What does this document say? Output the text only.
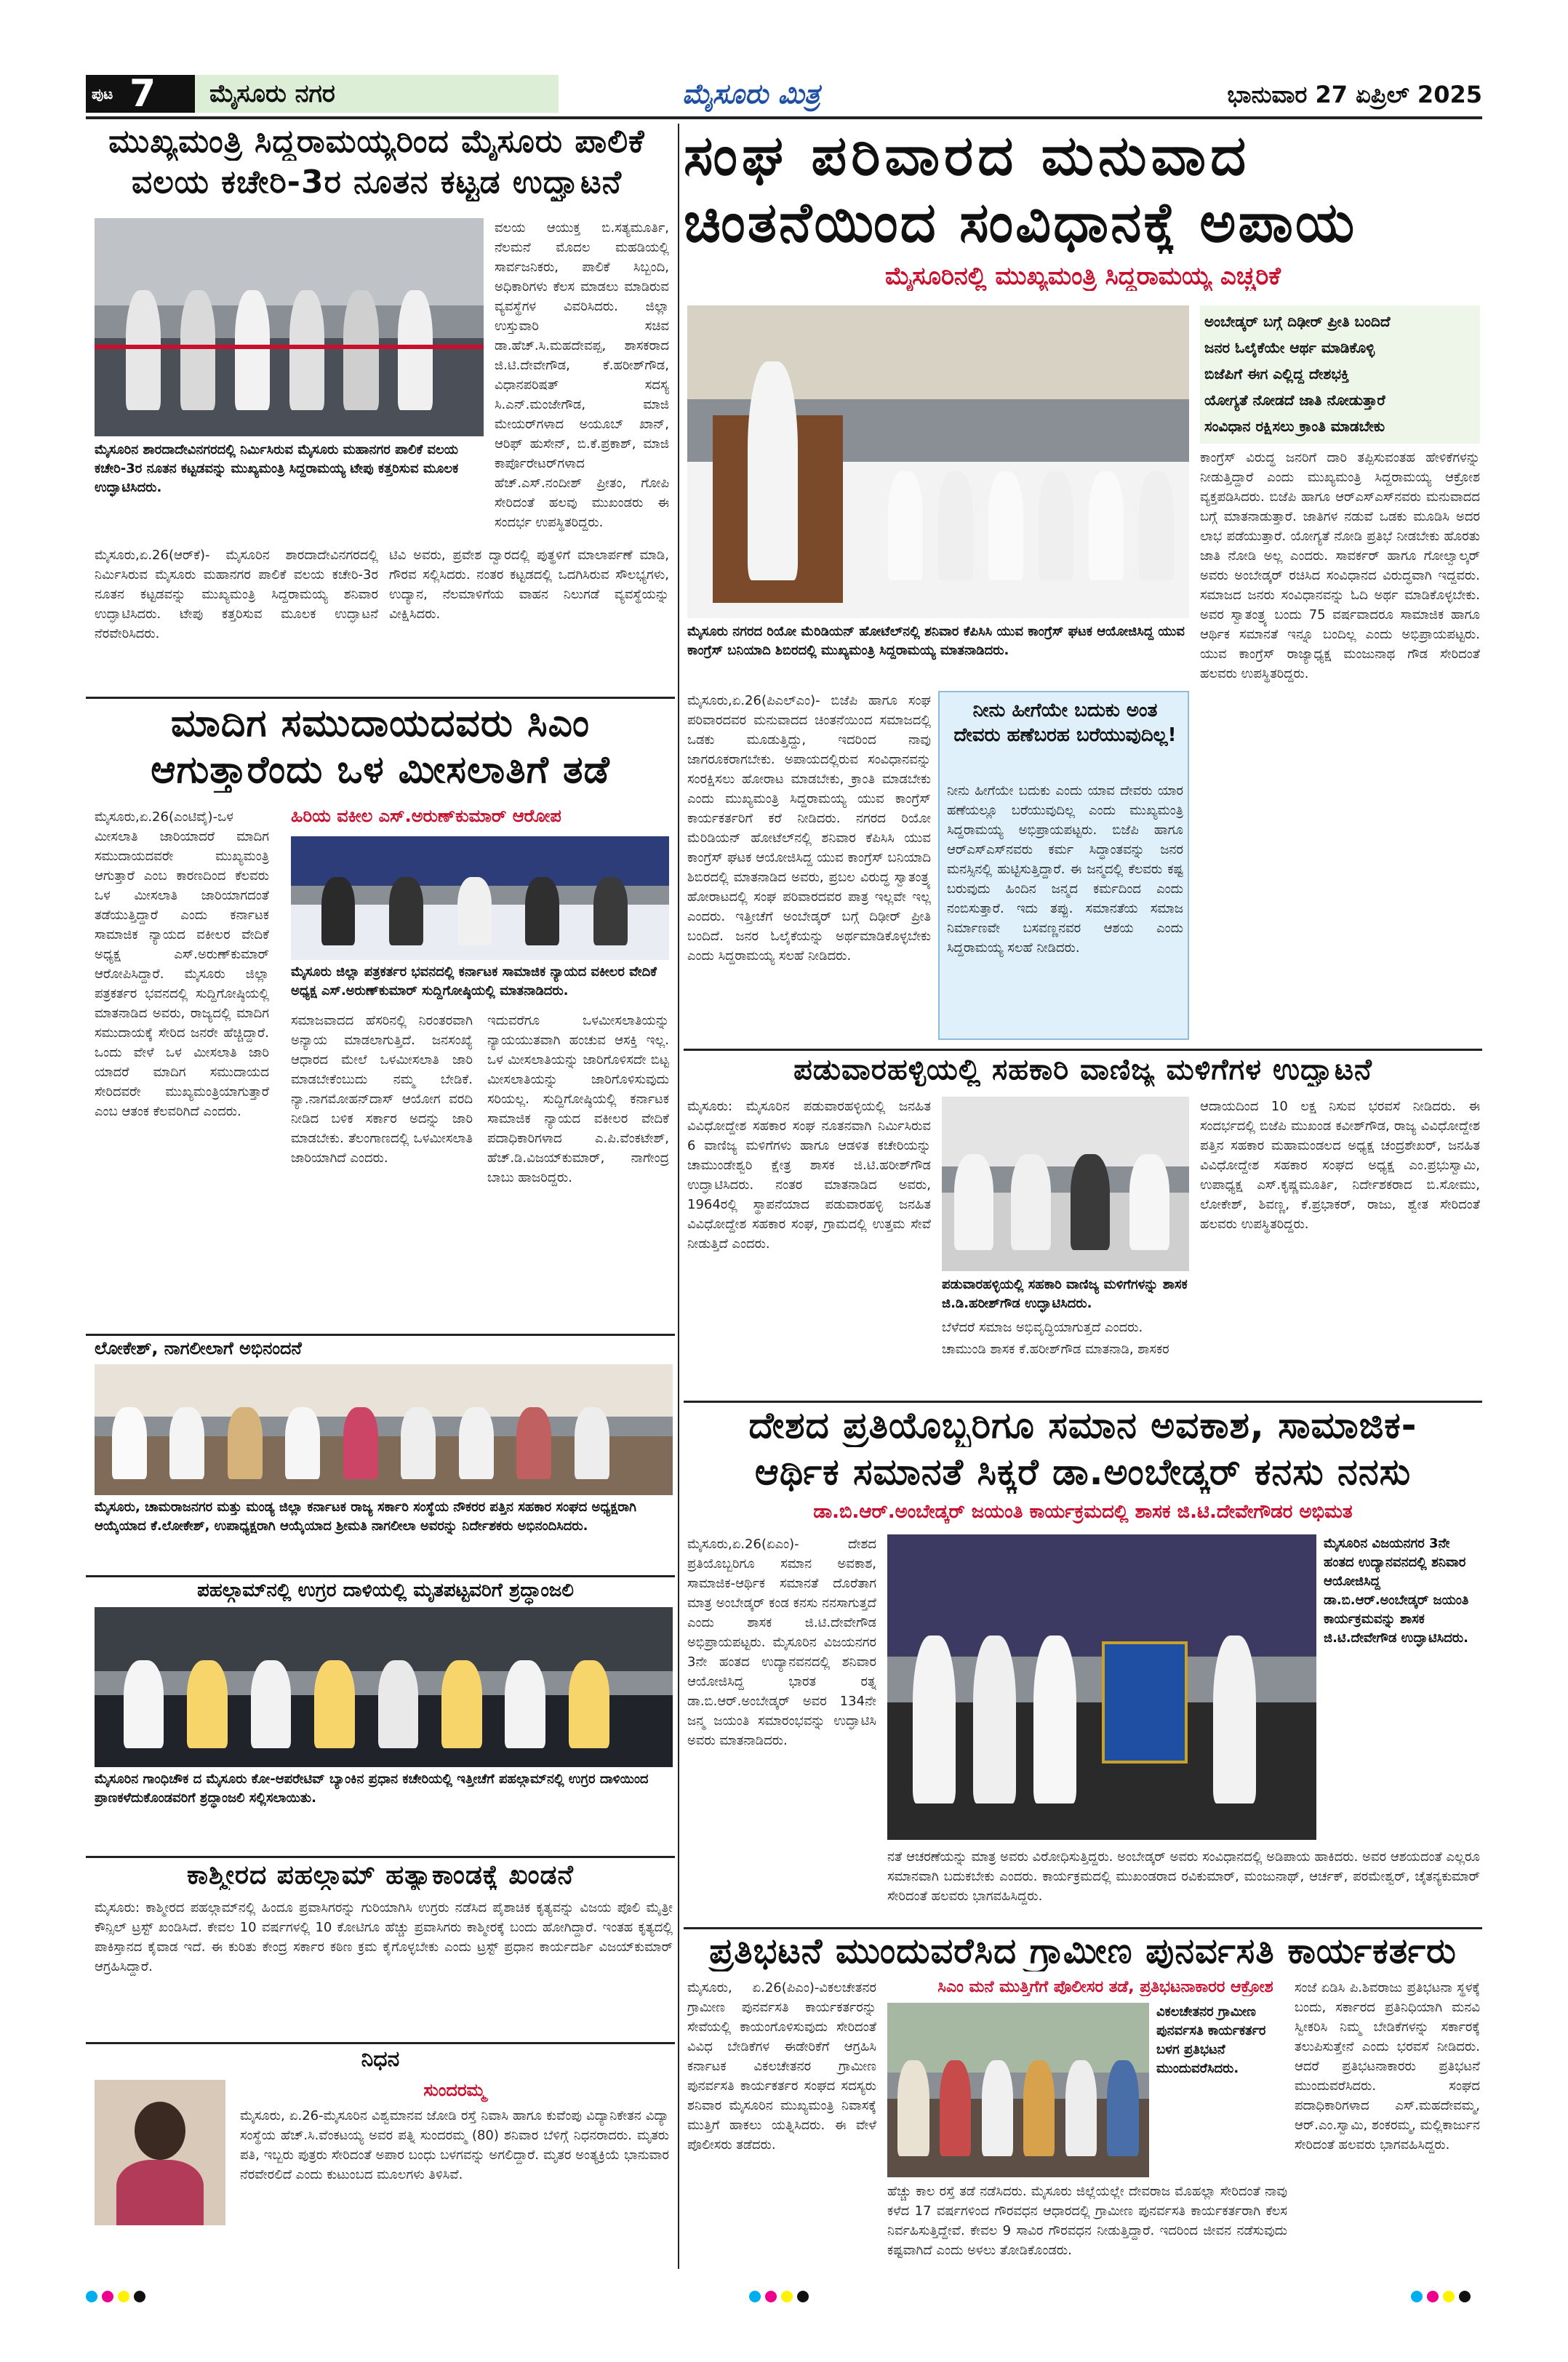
ಪುಟ 7 ಮೈಸೂರು ನಗರ	ಮೈಸೂರು ಮಿತ್ರ	ಭಾನುವಾರ 27 ಏಪ್ರಿಲ್ 2025
ಮುಖ್ಯಮಂತ್ರಿ ಸಿದ್ದರಾಮಯ್ಯರಿಂದ ಮೈಸೂರು ಪಾಲಿಕೆ
ವಲಯ ಕಚೇರಿ-3ರ ನೂತನ ಕಟ್ಟಡ ಉದ್ಘಾಟನೆ
ಮೈಸೂರಿನ ಶಾರದಾದೇವಿನಗರದಲ್ಲಿ ನಿರ್ಮಿಸಿರುವ ಮೈಸೂರು ಮಹಾನಗರ ಪಾಲಿಕೆ ವಲಯ ಕಚೇರಿ-3ರ ನೂತನ ಕಟ್ಟಡವನ್ನು ಮುಖ್ಯಮಂತ್ರಿ ಸಿದ್ದರಾಮಯ್ಯ ಟೇಪು ಕತ್ತರಿಸುವ ಮೂಲಕ ಉದ್ಘಾಟಿಸಿದರು.
ವಲಯ ಆಯುಕ್ತ ಬಿ.ಸತ್ಯಮೂರ್ತಿ, ನೆಲಮನೆ ಮೊದಲ ಮಹಡಿಯಲ್ಲಿ ಸಾರ್ವಜನಿಕರು, ಪಾಲಿಕೆ ಸಿಬ್ಬಂದಿ, ಅಧಿಕಾರಿಗಳು ಕೆಲಸ ಮಾಡಲು ಮಾಡಿರುವ ವ್ಯವಸ್ಥೆಗಳ ವಿವರಿಸಿದರು. ಜಿಲ್ಲಾ ಉಸ್ತುವಾರಿ ಸಚಿವ ಡಾ.ಹೆಚ್.ಸಿ.ಮಹದೇವಪ್ಪ, ಶಾಸಕರಾದ ಜಿ.ಟಿ.ದೇವೇಗೌಡ, ಕೆ.ಹರೀಶ್‌ಗೌಡ, ವಿಧಾನಪರಿಷತ್ ಸದಸ್ಯ ಸಿ.ಎನ್.ಮಂಜೇಗೌಡ, ಮಾಜಿ ಮೇಯರ್‌ಗಳಾದ ಅಯೂಬ್ ಖಾನ್, ಆರಿಫ್ ಹುಸೇನ್, ಬಿ.ಕೆ.ಪ್ರಕಾಶ್, ಮಾಜಿ ಕಾರ್ಪೊರೇಟರ್‌ಗಳಾದ ಹೆಚ್.ಎಸ್.ನಂದೀಶ್ ಪ್ರೀತಂ, ಗೋಪಿ ಸೇರಿದಂತೆ ಹಲವು ಮುಖಂಡರು ಈ ಸಂದರ್ಭ ಉಪಸ್ಥಿತರಿದ್ದರು.
ಮೈಸೂರು,ಏ.26(ಆರ್‌ಕೆ)- ಮೈಸೂರಿನ ಶಾರದಾದೇವಿನಗರದಲ್ಲಿ ನಿರ್ಮಿಸಿರುವ ಮೈಸೂರು ಮಹಾನಗರ ಪಾಲಿಕೆ ವಲಯ ಕಚೇರಿ-3ರ ನೂತನ ಕಟ್ಟಡವನ್ನು ಮುಖ್ಯಮಂತ್ರಿ ಸಿದ್ದರಾಮಯ್ಯ ಶನಿವಾರ ಉದ್ಘಾಟಿಸಿದರು. ಟೇಪು ಕತ್ತರಿಸುವ ಮೂಲಕ ಉದ್ಘಾಟನೆ ನೆರವೇರಿಸಿದರು.
ಟಿವಿ ಅವರು, ಪ್ರವೇಶ ದ್ವಾರದಲ್ಲಿ ಪುತ್ಥಳಿಗೆ ಮಾಲಾರ್ಪಣೆ ಮಾಡಿ, ಗೌರವ ಸಲ್ಲಿಸಿದರು. ನಂತರ ಕಟ್ಟಡದಲ್ಲಿ ಒದಗಿಸಿರುವ ಸೌಲಭ್ಯಗಳು, ಉದ್ಯಾನ, ನೆಲಮಾಳಿಗೆಯ ವಾಹನ ನಿಲುಗಡೆ ವ್ಯವಸ್ಥೆಯನ್ನು ವೀಕ್ಷಿಸಿದರು.
ಮಾದಿಗ ಸಮುದಾಯದವರು ಸಿಎಂ
ಆಗುತ್ತಾರೆಂದು ಒಳ ಮೀಸಲಾತಿಗೆ ತಡೆ
ಮೈಸೂರು,ಏ.26(ಎಂಟಿವೈ)-ಒಳ ಮೀಸಲಾತಿ ಜಾರಿಯಾದರೆ ಮಾದಿಗ ಸಮುದಾಯದವರೇ ಮುಖ್ಯಮಂತ್ರಿ ಆಗುತ್ತಾರೆ ಎಂಬ ಕಾರಣದಿಂದ ಕೆಲವರು ಒಳ ಮೀಸಲಾತಿ ಜಾರಿಯಾಗದಂತೆ ತಡೆಯುತ್ತಿದ್ದಾರೆ ಎಂದು ಕರ್ನಾಟಕ ಸಾಮಾಜಿಕ ನ್ಯಾಯದ ವಕೀಲರ ವೇದಿಕೆ ಅಧ್ಯಕ್ಷ ಎಸ್.ಅರುಣ್‌ಕುಮಾರ್ ಆರೋಪಿಸಿದ್ದಾರೆ. ಮೈಸೂರು ಜಿಲ್ಲಾ ಪತ್ರಕರ್ತರ ಭವನದಲ್ಲಿ ಸುದ್ದಿಗೋಷ್ಠಿಯಲ್ಲಿ ಮಾತನಾಡಿದ ಅವರು, ರಾಜ್ಯದಲ್ಲಿ ಮಾದಿಗ ಸಮುದಾಯಕ್ಕೆ ಸೇರಿದ ಜನರೇ ಹೆಚ್ಚಿದ್ದಾರೆ. ಒಂದು ವೇಳೆ ಒಳ ಮೀಸಲಾತಿ ಜಾರಿ ಯಾದರೆ ಮಾದಿಗ ಸಮುದಾಯದ ಸೇರಿದವರೇ ಮುಖ್ಯಮಂತ್ರಿಯಾಗುತ್ತಾರೆ ಎಂಬ ಆತಂಕ ಕೆಲವರಿಗಿದೆ ಎಂದರು.
ಹಿರಿಯ ವಕೀಲ ಎಸ್.ಅರುಣ್‌ಕುಮಾರ್ ಆರೋಪ
ಮೈಸೂರು ಜಿಲ್ಲಾ ಪತ್ರಕರ್ತರ ಭವನದಲ್ಲಿ ಕರ್ನಾಟಕ ಸಾಮಾಜಿಕ ನ್ಯಾಯದ ವಕೀಲರ ವೇದಿಕೆ ಅಧ್ಯಕ್ಷ ಎಸ್.ಅರುಣ್‌ಕುಮಾರ್ ಸುದ್ದಿಗೋಷ್ಠಿಯಲ್ಲಿ ಮಾತನಾಡಿದರು.
ಸಮಾಜವಾದದ ಹೆಸರಿನಲ್ಲಿ ನಿರಂತರವಾಗಿ ಅನ್ಯಾಯ ಮಾಡಲಾಗುತ್ತಿದೆ. ಜನಸಂಖ್ಯೆ ಆಧಾರದ ಮೇಲೆ ಒಳಮೀಸಲಾತಿ ಜಾರಿ ಮಾಡಬೇಕೆಂಬುದು ನಮ್ಮ ಬೇಡಿಕೆ. ನ್ಯಾ.ನಾಗಮೋಹನ್‌ದಾಸ್ ಆಯೋಗ ವರದಿ ನೀಡಿದ ಬಳಿಕ ಸರ್ಕಾರ ಅದನ್ನು ಜಾರಿ ಮಾಡಬೇಕು. ತೆಲಂಗಾಣದಲ್ಲಿ ಒಳಮೀಸಲಾತಿ ಜಾರಿಯಾಗಿದೆ ಎಂದರು.
ಇದುವರೆಗೂ ಒಳಮೀಸಲಾತಿಯನ್ನು ನ್ಯಾಯಯುತವಾಗಿ ಹಂಚುವ ಆಸಕ್ತಿ ಇಲ್ಲ. ಒಳ ಮೀಸಲಾತಿಯನ್ನು ಜಾರಿಗೊಳಿಸದೇ ಬಿಟ್ಟ ಮೀಸಲಾತಿಯನ್ನು ಜಾರಿಗೊಳಿಸುವುದು ಸರಿಯಲ್ಲ. ಸುದ್ದಿಗೋಷ್ಠಿಯಲ್ಲಿ ಕರ್ನಾಟಕ ಸಾಮಾಜಿಕ ನ್ಯಾಯದ ವಕೀಲರ ವೇದಿಕೆ ಪದಾಧಿಕಾರಿಗಳಾದ ಎ.ಪಿ.ವೆಂಕಟೇಶ್, ಹೆಚ್.ಡಿ.ವಿಜಯ್‌ಕುಮಾರ್, ನಾಗೇಂದ್ರ ಬಾಬು ಹಾಜರಿದ್ದರು.
ಲೋಕೇಶ್, ನಾಗಲೀಲಾಗೆ ಅಭಿನಂದನೆ
ಮೈಸೂರು, ಚಾಮರಾಜನಗರ ಮತ್ತು ಮಂಡ್ಯ ಜಿಲ್ಲಾ ಕರ್ನಾಟಕ ರಾಜ್ಯ ಸರ್ಕಾರಿ ಸಂಸ್ಥೆಯ ನೌಕರರ ಪತ್ತಿನ ಸಹಕಾರ ಸಂಘದ ಅಧ್ಯಕ್ಷರಾಗಿ ಆಯ್ಕೆಯಾದ ಕೆ.ಲೋಕೇಶ್, ಉಪಾಧ್ಯಕ್ಷರಾಗಿ ಆಯ್ಕೆಯಾದ ಶ್ರೀಮತಿ ನಾಗಲೀಲಾ ಅವರನ್ನು ನಿರ್ದೇಶಕರು ಅಭಿನಂದಿಸಿದರು.
ಪಹಲ್ಗಾಮ್‌ನಲ್ಲಿ ಉಗ್ರರ ದಾಳಿಯಲ್ಲಿ ಮೃತಪಟ್ಟವರಿಗೆ ಶ್ರದ್ಧಾಂಜಲಿ
ಮೈಸೂರಿನ ಗಾಂಧಿಚೌಕ ದ ಮೈಸೂರು ಕೋ-ಆಪರೇಟಿವ್ ಬ್ಯಾಂಕಿನ ಪ್ರಧಾನ ಕಚೇರಿಯಲ್ಲಿ ಇತ್ತೀಚೆಗೆ ಪಹಲ್ಗಾಮ್‌ನಲ್ಲಿ ಉಗ್ರರ ದಾಳಿಯಿಂದ ಪ್ರಾಣಕಳೆದುಕೊಂಡವರಿಗೆ ಶ್ರದ್ಧಾಂಜಲಿ ಸಲ್ಲಿಸಲಾಯಿತು.
ಕಾಶ್ಮೀರದ ಪಹಲ್ಗಾಮ್ ಹತ್ಯಾಕಾಂಡಕ್ಕೆ ಖಂಡನೆ
ಮೈಸೂರು: ಕಾಶ್ಮೀರದ ಪಹಲ್ಗಾಮ್‌ನಲ್ಲಿ ಹಿಂದೂ ಪ್ರವಾಸಿಗರನ್ನು ಗುರಿಯಾಗಿಸಿ ಉಗ್ರರು ನಡೆಸಿದ ಪೈಶಾಚಿಕ ಕೃತ್ಯವನ್ನು ವಿಜಯ ಪೊಲಿ ಮೈತ್ರೀ ಕೌನ್ಸಿಲ್ ಟ್ರಸ್ಟ್ ಖಂಡಿಸಿದೆ. ಕೇವಲ 10 ವರ್ಷಗಳಲ್ಲಿ 10 ಕೋಟಿಗೂ ಹೆಚ್ಚು ಪ್ರವಾಸಿಗರು ಕಾಶ್ಮೀರಕ್ಕೆ ಬಂದು ಹೋಗಿದ್ದಾರೆ. ಇಂತಹ ಕೃತ್ಯದಲ್ಲಿ ಪಾಕಿಸ್ತಾನದ ಕೈವಾಡ ಇದೆ. ಈ ಕುರಿತು ಕೇಂದ್ರ ಸರ್ಕಾರ ಕಠಿಣ ಕ್ರಮ ಕೈಗೊಳ್ಳಬೇಕು ಎಂದು ಟ್ರಸ್ಟ್ ಪ್ರಧಾನ ಕಾರ್ಯದರ್ಶಿ ವಿಜಯ್‌ಕುಮಾರ್ ಆಗ್ರಹಿಸಿದ್ದಾರೆ.
ನಿಧನ
ಸುಂದರಮ್ಮ
ಮೈಸೂರು, ಏ.26-ಮೈಸೂರಿನ ವಿಶ್ವಮಾನವ ಜೋಡಿ ರಸ್ತೆ ನಿವಾಸಿ ಹಾಗೂ ಕುವೆಂಪು ವಿದ್ಯಾನಿಕೇತನ ವಿದ್ಯಾ ಸಂಸ್ಥೆಯ ಹೆಚ್.ಸಿ.ವೆಂಕಟಯ್ಯ ಅವರ ಪತ್ನಿ ಸುಂದರಮ್ಮ (80) ಶನಿವಾರ ಬೆಳಿಗ್ಗೆ ನಿಧನರಾದರು. ಮೃತರು ಪತಿ, ಇಬ್ಬರು ಪುತ್ರರು ಸೇರಿದಂತೆ ಅಪಾರ ಬಂಧು ಬಳಗವನ್ನು ಅಗಲಿದ್ದಾರೆ. ಮೃತರ ಅಂತ್ಯಕ್ರಿಯೆ ಭಾನುವಾರ ನೆರವೇರಲಿದೆ ಎಂದು ಕುಟುಂಬದ ಮೂಲಗಳು ತಿಳಿಸಿವೆ.
ಸಂಘ ಪರಿವಾರದ ಮನುವಾದ
ಚಿಂತನೆಯಿಂದ ಸಂವಿಧಾನಕ್ಕೆ ಅಪಾಯ
ಮೈಸೂರಿನಲ್ಲಿ ಮುಖ್ಯಮಂತ್ರಿ ಸಿದ್ದರಾಮಯ್ಯ ಎಚ್ಚರಿಕೆ
ಮೈಸೂರು ನಗರದ ರಿಯೋ ಮೆರಿಡಿಯನ್ ಹೋಟೆಲ್‌ನಲ್ಲಿ ಶನಿವಾರ ಕೆಪಿಸಿಸಿ ಯುವ ಕಾಂಗ್ರೆಸ್ ಘಟಕ ಆಯೋಜಿಸಿದ್ದ ಯುವ ಕಾಂಗ್ರೆಸ್ ಬನಿಯಾದಿ ಶಿಬಿರದಲ್ಲಿ ಮುಖ್ಯಮಂತ್ರಿ ಸಿದ್ದರಾಮಯ್ಯ ಮಾತನಾಡಿದರು.
ಅಂಬೇಡ್ಕರ್ ಬಗ್ಗೆ ದಿಢೀರ್ ಪ್ರೀತಿ ಬಂದಿದೆ
ಜನರ ಓಲೈಕೆಯೇ ಆರ್ಥ ಮಾಡಿಕೊಳ್ಳಿ
ಬಿಜೆಪಿಗೆ ಈಗ ಎಲ್ಲಿದ್ದ ದೇಶಭಕ್ತಿ
ಯೋಗ್ಯತೆ ನೋಡದೆ ಜಾತಿ ನೋಡುತ್ತಾರೆ
ಸಂವಿಧಾನ ರಕ್ಷಿಸಲು ಕ್ರಾಂತಿ ಮಾಡಬೇಕು
ಕಾಂಗ್ರೆಸ್ ವಿರುದ್ಧ ಜನರಿಗೆ ದಾರಿ ತಪ್ಪಿಸುವಂತಹ ಹೇಳಿಕೆಗಳನ್ನು ನೀಡುತ್ತಿದ್ದಾರೆ ಎಂದು ಮುಖ್ಯಮಂತ್ರಿ ಸಿದ್ದರಾಮಯ್ಯ ಆಕ್ರೋಶ ವ್ಯಕ್ತಪಡಿಸಿದರು. ಬಿಜೆಪಿ ಹಾಗೂ ಆರ್‌ಎಸ್‌ಎಸ್‌ನವರು ಮನುವಾದದ ಬಗ್ಗೆ ಮಾತನಾಡುತ್ತಾರೆ. ಜಾತಿಗಳ ನಡುವೆ ಒಡಕು ಮೂಡಿಸಿ ಅದರ ಲಾಭ ಪಡೆಯುತ್ತಾರೆ. ಯೋಗ್ಯತೆ ನೋಡಿ ಪ್ರತಿಭೆ ನೀಡಬೇಕು ಹೊರತು ಜಾತಿ ನೋಡಿ ಅಲ್ಲ ಎಂದರು. ಸಾವರ್ಕರ್ ಹಾಗೂ ಗೋಲ್ವಾಲ್ಕರ್ ಅವರು ಅಂಬೇಡ್ಕರ್ ರಚಿಸಿದ ಸಂವಿಧಾನದ ವಿರುದ್ಧವಾಗಿ ಇದ್ದವರು. ಸಮಾಜದ ಜನರು ಸಂವಿಧಾನವನ್ನು ಓದಿ ಅರ್ಥ ಮಾಡಿಕೊಳ್ಳಬೇಕು. ಅವರ ಸ್ವಾತಂತ್ರ್ಯ ಬಂದು 75 ವರ್ಷವಾದರೂ ಸಾಮಾಜಿಕ ಹಾಗೂ ಆರ್ಥಿಕ ಸಮಾನತೆ ಇನ್ನೂ ಬಂದಿಲ್ಲ ಎಂದು ಅಭಿಪ್ರಾಯಪಟ್ಟರು. ಯುವ ಕಾಂಗ್ರೆಸ್ ರಾಜ್ಯಾಧ್ಯಕ್ಷ ಮಂಜುನಾಥ ಗೌಡ ಸೇರಿದಂತೆ ಹಲವರು ಉಪಸ್ಥಿತರಿದ್ದರು.
ಮೈಸೂರು,ಏ.26(ಪಿಎಲ್‌ಎಂ)- ಬಿಜೆಪಿ ಹಾಗೂ ಸಂಘ ಪರಿವಾರದವರ ಮನುವಾದದ ಚಿಂತನೆಯಿಂದ ಸಮಾಜದಲ್ಲಿ ಒಡಕು ಮೂಡುತ್ತಿದ್ದು, ಇದರಿಂದ ನಾವು ಜಾಗರೂಕರಾಗಬೇಕು. ಅಪಾಯದಲ್ಲಿರುವ ಸಂವಿಧಾನವನ್ನು ಸಂರಕ್ಷಿಸಲು ಹೋರಾಟ ಮಾಡಬೇಕು, ಕ್ರಾಂತಿ ಮಾಡಬೇಕು ಎಂದು ಮುಖ್ಯಮಂತ್ರಿ ಸಿದ್ದರಾಮಯ್ಯ ಯುವ ಕಾಂಗ್ರೆಸ್ ಕಾರ್ಯಕರ್ತರಿಗೆ ಕರೆ ನೀಡಿದರು. ನಗರದ ರಿಯೋ ಮೆರಿಡಿಯನ್ ಹೋಟೆಲ್‌ನಲ್ಲಿ ಶನಿವಾರ ಕೆಪಿಸಿಸಿ ಯುವ ಕಾಂಗ್ರೆಸ್ ಘಟಕ ಆಯೋಜಿಸಿದ್ದ ಯುವ ಕಾಂಗ್ರೆಸ್ ಬನಿಯಾದಿ ಶಿಬಿರದಲ್ಲಿ ಮಾತನಾಡಿದ ಅವರು, ಪ್ರಬಲ ವಿರುದ್ಧ ಸ್ವಾತಂತ್ರ್ಯ ಹೋರಾಟದಲ್ಲಿ ಸಂಘ ಪರಿವಾರದವರ ಪಾತ್ರ ಇಲ್ಲವೇ ಇಲ್ಲ ಎಂದರು. ಇತ್ತೀಚೆಗೆ ಅಂಬೇಡ್ಕರ್ ಬಗ್ಗೆ ದಿಢೀರ್ ಪ್ರೀತಿ ಬಂದಿದೆ. ಜನರ ಓಲೈಕೆಯನ್ನು ಅರ್ಥಮಾಡಿಕೊಳ್ಳಬೇಕು ಎಂದು ಸಿದ್ದರಾಮಯ್ಯ ಸಲಹೆ ನೀಡಿದರು.
ನೀನು ಹೀಗೆಯೇ ಬದುಕು ಅಂತ ದೇವರು ಹಣೆಬರಹ ಬರೆಯುವುದಿಲ್ಲ!
ನೀನು ಹೀಗೆಯೇ ಬದುಕು ಎಂದು ಯಾವ ದೇವರು ಯಾರ ಹಣೆಯಲ್ಲೂ ಬರೆಯುವುದಿಲ್ಲ ಎಂದು ಮುಖ್ಯಮಂತ್ರಿ ಸಿದ್ದರಾಮಯ್ಯ ಅಭಿಪ್ರಾಯಪಟ್ಟರು. ಬಿಜೆಪಿ ಹಾಗೂ ಆರ್‌ಎಸ್‌ಎಸ್‌ನವರು ಕರ್ಮ ಸಿದ್ಧಾಂತವನ್ನು ಜನರ ಮನಸ್ಸಿನಲ್ಲಿ ಹುಟ್ಟಿಸುತ್ತಿದ್ದಾರೆ. ಈ ಜನ್ಮದಲ್ಲಿ ಕೆಲವರು ಕಷ್ಟ ಬರುವುದು ಹಿಂದಿನ ಜನ್ಮದ ಕರ್ಮದಿಂದ ಎಂದು ನಂಬಿಸುತ್ತಾರೆ. ಇದು ತಪ್ಪು. ಸಮಾನತೆಯ ಸಮಾಜ ನಿರ್ಮಾಣವೇ ಬಸವಣ್ಣನವರ ಆಶಯ ಎಂದು ಸಿದ್ದರಾಮಯ್ಯ ಸಲಹೆ ನೀಡಿದರು.
ಪಡುವಾರಹಳ್ಳಿಯಲ್ಲಿ ಸಹಕಾರಿ ವಾಣಿಜ್ಯ ಮಳಿಗೆಗಳ ಉದ್ಘಾಟನೆ
ಮೈಸೂರು: ಮೈಸೂರಿನ ಪಡುವಾರಹಳ್ಳಿಯಲ್ಲಿ ಜನಹಿತ ವಿವಿಧೋದ್ದೇಶ ಸಹಕಾರ ಸಂಘ ನೂತನವಾಗಿ ನಿರ್ಮಿಸಿರುವ 6 ವಾಣಿಜ್ಯ ಮಳಿಗೆಗಳು ಹಾಗೂ ಆಡಳಿತ ಕಚೇರಿಯನ್ನು ಚಾಮುಂಡೇಶ್ವರಿ ಕ್ಷೇತ್ರ ಶಾಸಕ ಜಿ.ಟಿ.ಹರೀಶ್‌ಗೌಡ ಉದ್ಘಾಟಿಸಿದರು. ನಂತರ ಮಾತನಾಡಿದ ಅವರು, 1964ರಲ್ಲಿ ಸ್ಥಾಪನೆಯಾದ ಪಡುವಾರಹಳ್ಳಿ ಜನಹಿತ ವಿವಿಧೋದ್ದೇಶ ಸಹಕಾರ ಸಂಘ, ಗ್ರಾಮದಲ್ಲಿ ಉತ್ತಮ ಸೇವೆ ನೀಡುತ್ತಿದೆ ಎಂದರು.
ಪಡುವಾರಹಳ್ಳಿಯಲ್ಲಿ ಸಹಕಾರಿ ವಾಣಿಜ್ಯ ಮಳಿಗೆಗಳನ್ನು ಶಾಸಕ ಜಿ.ಡಿ.ಹರೀಶ್‌ಗೌಡ ಉದ್ಘಾಟಿಸಿದರು.
ಆದಾಯದಿಂದ 10 ಲಕ್ಷ ನಿಸುವ ಭರವಸೆ ನೀಡಿದರು. ಈ ಸಂದರ್ಭದಲ್ಲಿ ಬಿಜೆಪಿ ಮುಖಂಡ ಕವೀಶ್‌ಗೌಡ, ರಾಜ್ಯ ವಿವಿಧೋದ್ದೇಶ ಪತ್ತಿನ ಸಹಕಾರ ಮಹಾಮಂಡಲದ ಅಧ್ಯಕ್ಷ ಚಂದ್ರಶೇಖರ್, ಜನಹಿತ ವಿವಿಧೋದ್ದೇಶ ಸಹಕಾರ ಸಂಘದ ಅಧ್ಯಕ್ಷ ಎಂ.ಪ್ರಭುಸ್ವಾಮಿ, ಉಪಾಧ್ಯಕ್ಷ ಎಸ್.ಕೃಷ್ಣಮೂರ್ತಿ, ನಿರ್ದೇಶಕರಾದ ಬಿ.ಸೋಮು, ಲೋಕೇಶ್, ಶಿವಣ್ಣ, ಕೆ.ಪ್ರಭಾಕರ್, ರಾಜು, ಶ್ವೇತ ಸೇರಿದಂತೆ ಹಲವರು ಉಪಸ್ಥಿತರಿದ್ದರು.
ಬೆಳೆದರೆ ಸಮಾಜ ಅಭಿವೃದ್ಧಿಯಾಗುತ್ತದೆ ಎಂದರು.
ಚಾಮುಂಡಿ ಶಾಸಕ ಕೆ.ಹರೀಶ್‌ಗೌಡ ಮಾತನಾಡಿ, ಶಾಸಕರ
ದೇಶದ ಪ್ರತಿಯೊಬ್ಬರಿಗೂ ಸಮಾನ ಅವಕಾಶ, ಸಾಮಾಜಿಕ-
ಆರ್ಥಿಕ ಸಮಾನತೆ ಸಿಕ್ಕರೆ ಡಾ.ಅಂಬೇಡ್ಕರ್ ಕನಸು ನನಸು
ಡಾ.ಬಿ.ಆರ್.ಅಂಬೇಡ್ಕರ್ ಜಯಂತಿ ಕಾರ್ಯಕ್ರಮದಲ್ಲಿ ಶಾಸಕ ಜಿ.ಟಿ.ದೇವೇಗೌಡರ ಅಭಿಮತ
ಮೈಸೂರು,ಏ.26(ಏಎಂ)- ದೇಶದ ಪ್ರತಿಯೊಬ್ಬರಿಗೂ ಸಮಾನ ಅವಕಾಶ, ಸಾಮಾಜಿಕ-ಆರ್ಥಿಕ ಸಮಾನತೆ ದೊರೆತಾಗ ಮಾತ್ರ ಅಂಬೇಡ್ಕರ್ ಕಂಡ ಕನಸು ನನಸಾಗುತ್ತದೆ ಎಂದು ಶಾಸಕ ಜಿ.ಟಿ.ದೇವೇಗೌಡ ಅಭಿಪ್ರಾಯಪಟ್ಟರು. ಮೈಸೂರಿನ ವಿಜಯನಗರ 3ನೇ ಹಂತದ ಉದ್ಯಾನವನದಲ್ಲಿ ಶನಿವಾರ ಆಯೋಜಿಸಿದ್ದ ಭಾರತ ರತ್ನ ಡಾ.ಬಿ.ಆರ್.ಅಂಬೇಡ್ಕರ್ ಅವರ 134ನೇ ಜನ್ಮ ಜಯಂತಿ ಸಮಾರಂಭವನ್ನು ಉದ್ಘಾಟಿಸಿ ಅವರು ಮಾತನಾಡಿದರು.
ಮೈಸೂರಿನ ವಿಜಯನಗರ 3ನೇ ಹಂತದ ಉದ್ಯಾನವನದಲ್ಲಿ ಶನಿವಾರ ಆಯೋಜಿಸಿದ್ದ ಡಾ.ಬಿ.ಆರ್.ಅಂಬೇಡ್ಕರ್ ಜಯಂತಿ ಕಾರ್ಯಕ್ರಮವನ್ನು ಶಾಸಕ ಜಿ.ಟಿ.ದೇವೇಗೌಡ ಉದ್ಘಾಟಿಸಿದರು.
ನತೆ ಆಚರಣೆಯನ್ನು ಮಾತ್ರ ಅವರು ವಿರೋಧಿಸುತ್ತಿದ್ದರು. ಅಂಬೇಡ್ಕರ್ ಅವರು ಸಂವಿಧಾನದಲ್ಲಿ ಅಡಿಪಾಯ ಹಾಕಿದರು. ಅವರ ಆಶಯದಂತೆ ಎಲ್ಲರೂ ಸಮಾನವಾಗಿ ಬದುಕಬೇಕು ಎಂದರು. ಕಾರ್ಯಕ್ರಮದಲ್ಲಿ ಮುಖಂಡರಾದ ರವಿಕುಮಾರ್, ಮಂಜುನಾಥ್, ಆರ್ಚಕ್, ಪರಮೇಶ್ವರ್, ಚೈತನ್ಯಕುಮಾರ್ ಸೇರಿದಂತೆ ಹಲವರು ಭಾಗವಹಿಸಿದ್ದರು.
ಪ್ರತಿಭಟನೆ ಮುಂದುವರೆಸಿದ ಗ್ರಾಮೀಣ ಪುನರ್ವಸತಿ ಕಾರ್ಯಕರ್ತರು
ಸಿಎಂ ಮನೆ ಮುತ್ತಿಗೆಗೆ ಪೊಲೀಸರ ತಡೆ, ಪ್ರತಿಭಟನಾಕಾರರ ಆಕ್ರೋಶ
ಮೈಸೂರು, ಏ.26(ಪಿಎಂ)-ವಿಕಲಚೇತನರ ಗ್ರಾಮೀಣ ಪುನರ್ವಸತಿ ಕಾರ್ಯಕರ್ತರನ್ನು ಸೇವೆಯಲ್ಲಿ ಕಾಯಂಗೊಳಿಸುವುದು ಸೇರಿದಂತೆ ವಿವಿಧ ಬೇಡಿಕೆಗಳ ಈಡೇರಿಕೆಗೆ ಆಗ್ರಹಿಸಿ ಕರ್ನಾಟಕ ವಿಕಲಚೇತನರ ಗ್ರಾಮೀಣ ಪುನರ್ವಸತಿ ಕಾರ್ಯಕರ್ತರ ಸಂಘದ ಸದಸ್ಯರು ಶನಿವಾರ ಮೈಸೂರಿನ ಮುಖ್ಯಮಂತ್ರಿ ನಿವಾಸಕ್ಕೆ ಮುತ್ತಿಗೆ ಹಾಕಲು ಯತ್ನಿಸಿದರು. ಈ ವೇಳೆ ಪೊಲೀಸರು ತಡೆದರು.
ವಿಕಲಚೇತನರ ಗ್ರಾಮೀಣ ಪುನರ್ವಸತಿ ಕಾರ್ಯಕರ್ತರ ಬಳಗ ಪ್ರತಿಭಟನೆ ಮುಂದುವರೆಸಿದರು.
ಸಂಜೆ ಏಡಿಸಿ ಪಿ.ಶಿವರಾಜು ಪ್ರತಿಭಟನಾ ಸ್ಥಳಕ್ಕೆ ಬಂದು, ಸರ್ಕಾರದ ಪ್ರತಿನಿಧಿಯಾಗಿ ಮನವಿ ಸ್ವೀಕರಿಸಿ ನಿಮ್ಮ ಬೇಡಿಕೆಗಳನ್ನು ಸರ್ಕಾರಕ್ಕೆ ತಲುಪಿಸುತ್ತೇನೆ ಎಂದು ಭರವಸೆ ನೀಡಿದರು. ಆದರೆ ಪ್ರತಿಭಟನಾಕಾರರು ಪ್ರತಿಭಟನೆ ಮುಂದುವರೆಸಿದರು. ಸಂಘದ ಪದಾಧಿಕಾರಿಗಳಾದ ಎಸ್.ಮಹದೇವಮ್ಮ, ಆರ್.ಎಂ.ಸ್ವಾಮಿ, ಶಂಕರಮ್ಮ, ಮಲ್ಲಿಕಾರ್ಜುನ ಸೇರಿದಂತೆ ಹಲವರು ಭಾಗವಹಿಸಿದ್ದರು.
ಹೆಚ್ಚು ಕಾಲ ರಸ್ತೆ ತಡೆ ನಡೆಸಿದರು. ಮೈಸೂರು ಜಿಲ್ಲೆಯಲ್ಲೇ ದೇವರಾಜ ಮೊಹಲ್ಲಾ ಸೇರಿದಂತೆ ನಾವು ಕಳೆದ 17 ವರ್ಷಗಳಿಂದ ಗೌರವಧನ ಆಧಾರದಲ್ಲಿ ಗ್ರಾಮೀಣ ಪುನರ್ವಸತಿ ಕಾರ್ಯಕರ್ತರಾಗಿ ಕೆಲಸ ನಿರ್ವಹಿಸುತ್ತಿದ್ದೇವೆ. ಕೇವಲ 9 ಸಾವಿರ ಗೌರವಧನ ನೀಡುತ್ತಿದ್ದಾರೆ. ಇದರಿಂದ ಜೀವನ ನಡೆಸುವುದು ಕಷ್ಟವಾಗಿದೆ ಎಂದು ಅಳಲು ತೋಡಿಕೊಂಡರು.
